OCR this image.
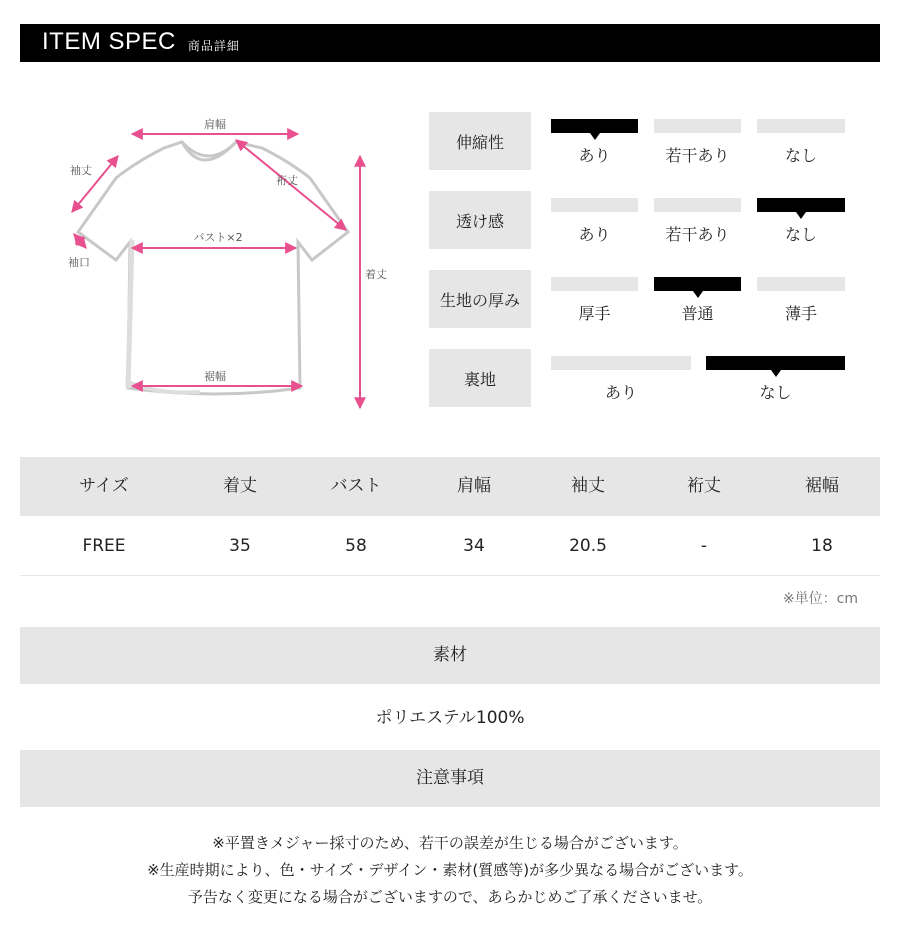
ITEM SPEC 商品詳細
肩幅
袖丈
裄丈
バスト×2
袖口
着丈
裾幅
伸縮性
あり	若干あり	なし
透け感
あり	若干あり	なし
生地の厚み
厚手	普通	薄手
裏地
あり	なし
サイズ	着丈	バスト	肩幅	袖丈	裄丈	裾幅
FREE	35	58	34	20.5	-	18
※単位：cm
素材
ポリエステル100%
注意事項
※平置きメジャー採寸のため、若干の誤差が生じる場合がございます。
※生産時期により、色・サイズ・デザイン・素材(質感等)が多少異なる場合がございます。
予告なく変更になる場合がございますので、あらかじめご了承くださいませ。
